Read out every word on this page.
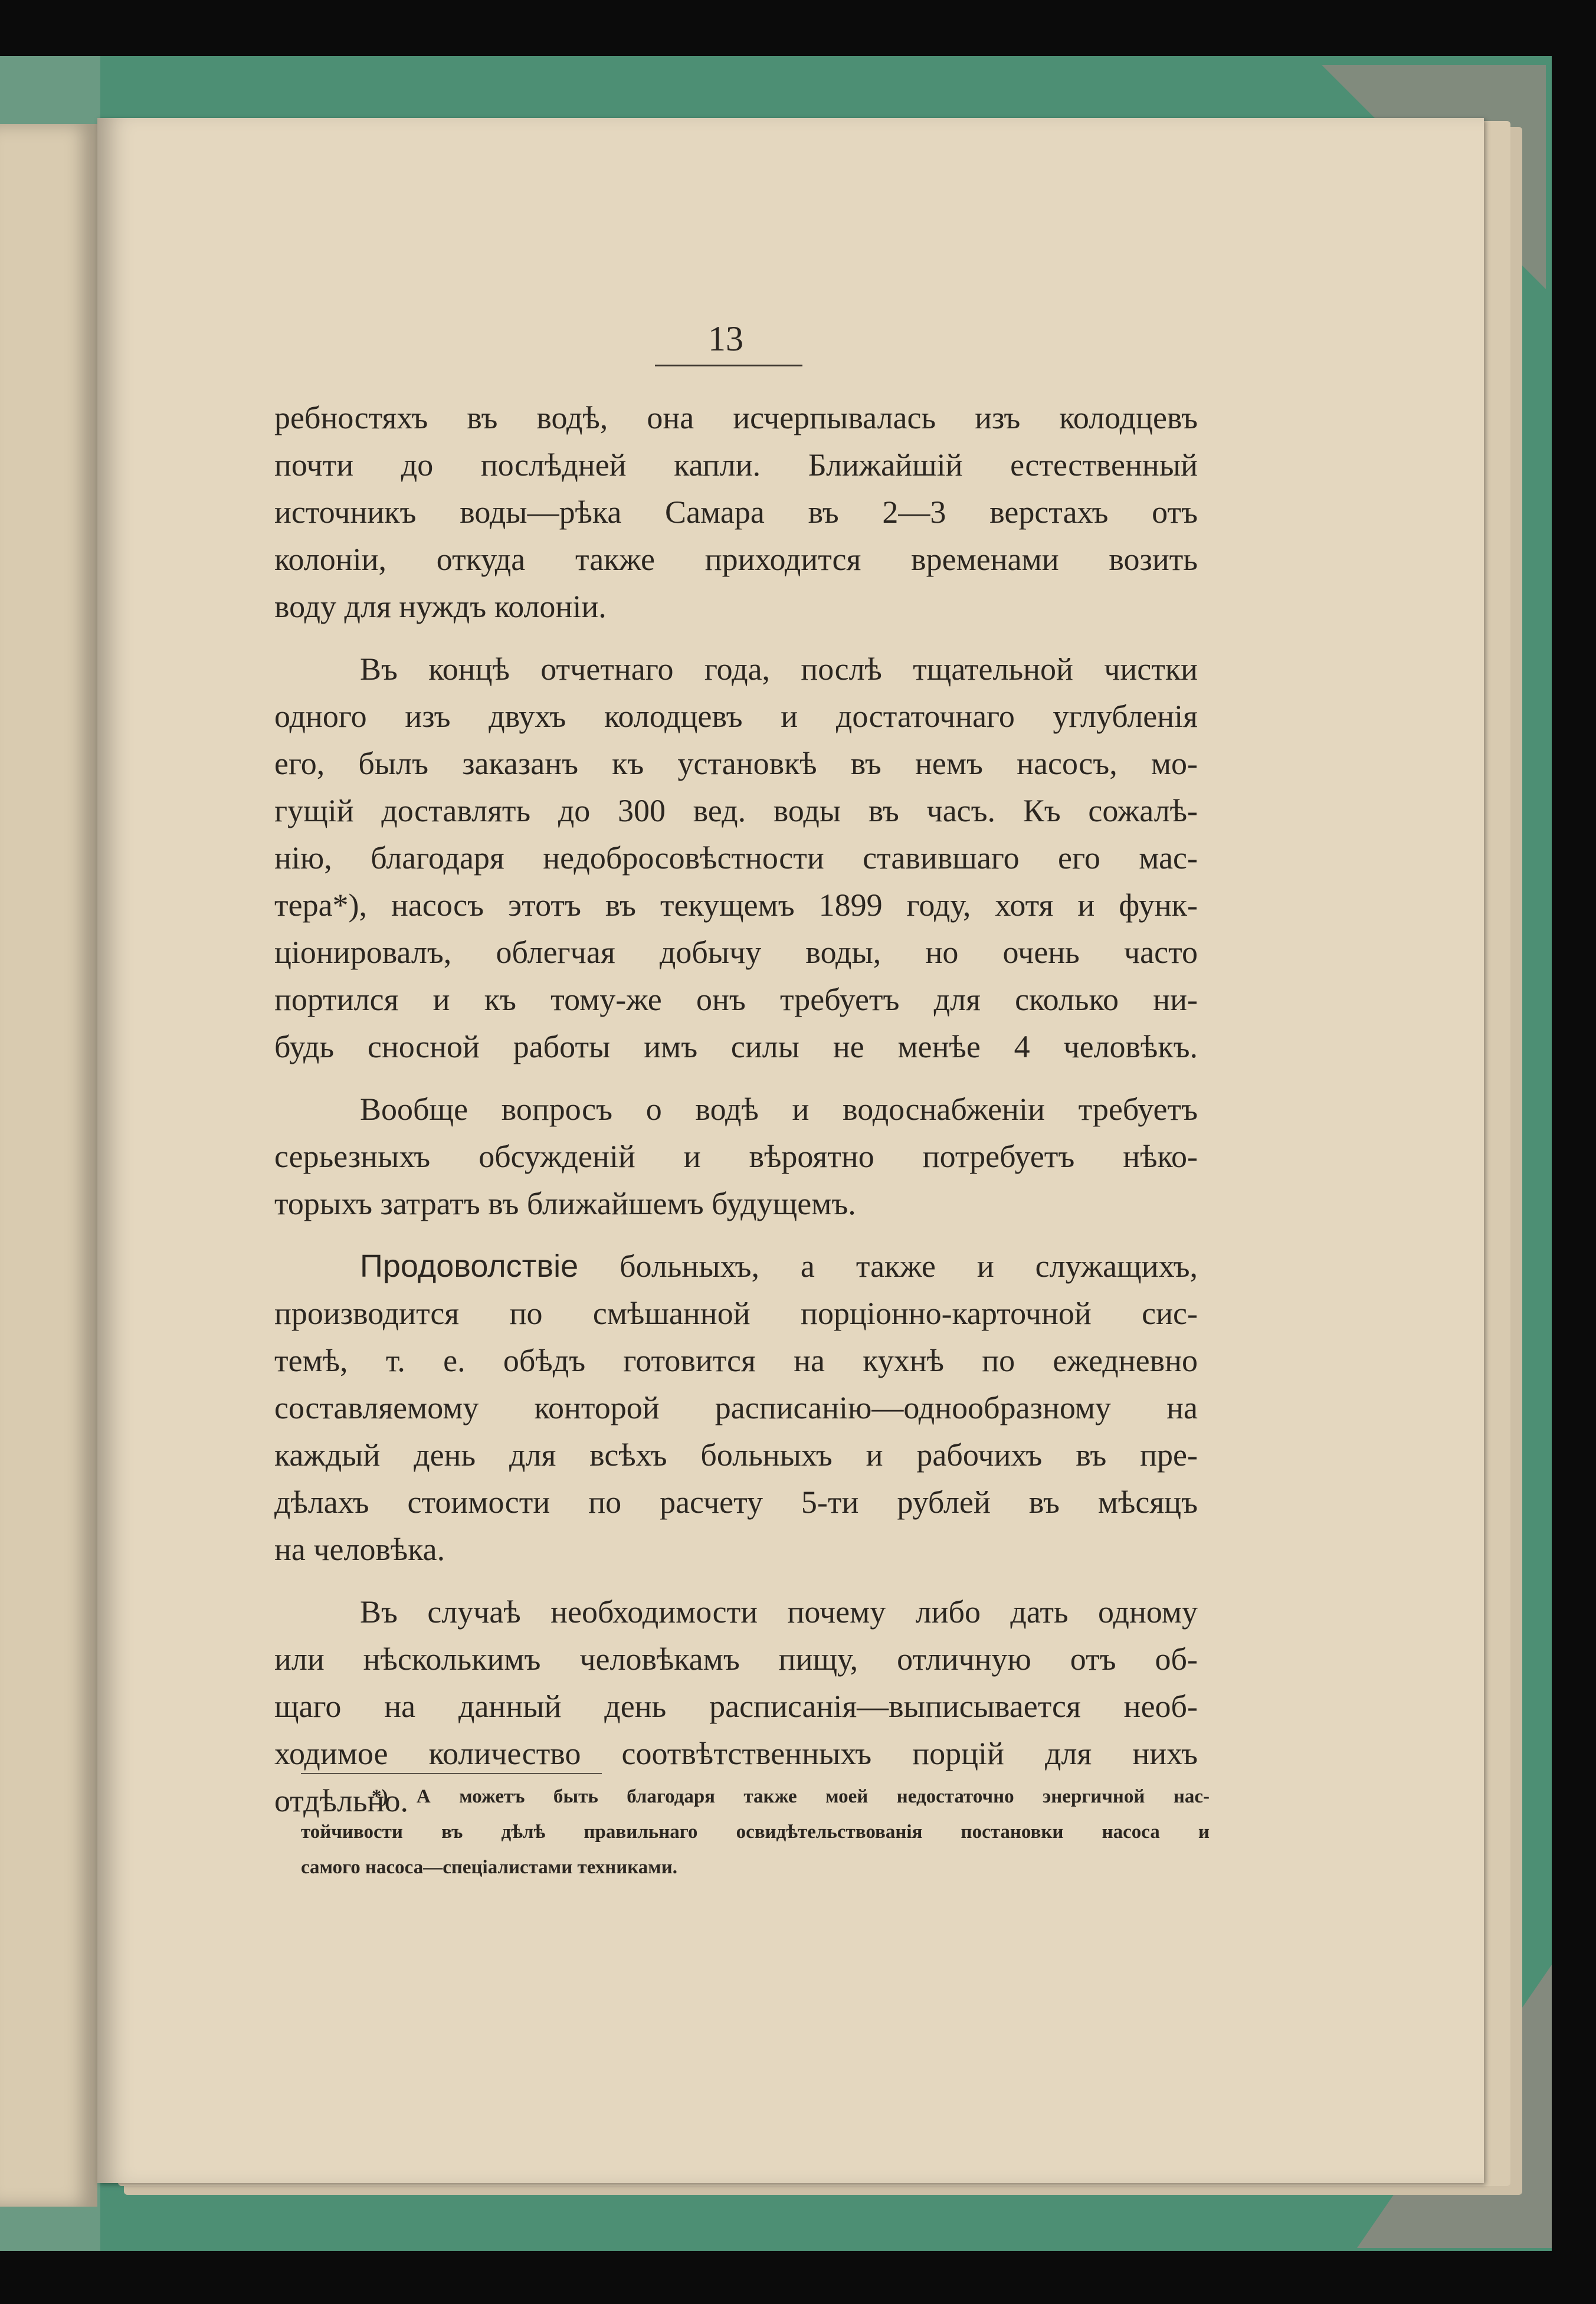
13
ребностяхъ въ водѣ, она исчерпывалась изъ колодцевъ
почти до послѣдней капли. Ближайшій естественный
источникъ воды—рѣка Самара въ 2—3 верстахъ отъ
колоніи, откуда также приходится временами возить
воду для нуждъ колоніи.
Въ концѣ отчетнаго года, послѣ тщательной чистки
одного изъ двухъ колодцевъ и достаточнаго углубленія
его, былъ заказанъ къ установкѣ въ немъ насосъ, мо-
гущій доставлять до 300 вед. воды въ часъ. Къ сожалѣ-
нію, благодаря недобросовѣстности ставившаго его мас-
тера*), насосъ этотъ въ текущемъ 1899 году, хотя и функ-
ціонировалъ, облегчая добычу воды, но очень часто
портился и къ тому-же онъ требуетъ для сколько ни-
будь сносной работы имъ силы не менѣе 4 человѣкъ.
Вообще вопросъ о водѣ и водоснабженіи требуетъ
серьезныхъ обсужденій и вѣроятно потребуетъ нѣко-
торыхъ затратъ въ ближайшемъ будущемъ.
Продоволствіе больныхъ, а также и служащихъ,
производится по смѣшанной порціонно-карточной сис-
темѣ, т. е. обѣдъ готовится на кухнѣ по ежедневно
составляемому конторой расписанію—однообразному на
каждый день для всѣхъ больныхъ и рабочихъ въ пре-
дѣлахъ стоимости по расчету 5-ти рублей въ мѣсяцъ
на человѣка.
Въ случаѣ необходимости почему либо дать одному
или нѣсколькимъ человѣкамъ пищу, отличную отъ об-
щаго на данный день расписанія—выписывается необ-
ходимое количество соотвѣтственныхъ порцій для нихъ
отдѣльно.
*) А можетъ быть благодаря также моей недостаточно энергичной нас-
тойчивости въ дѣлѣ правильнаго освидѣтельствованія постановки насоса и
самого насоса—спеціалистами техниками.
